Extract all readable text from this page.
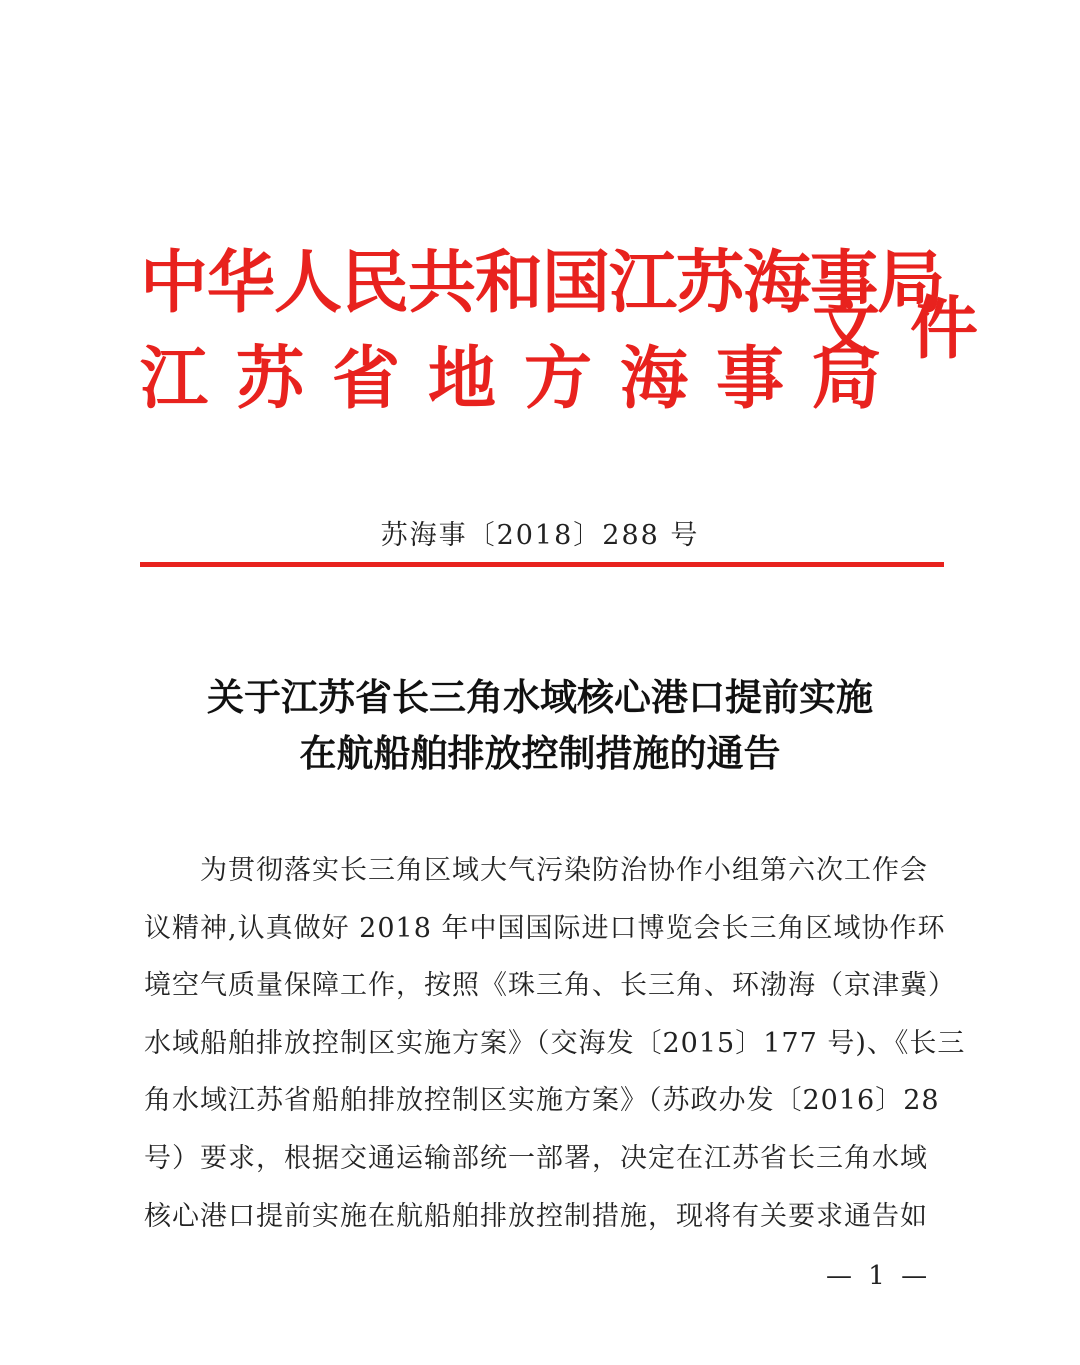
中华人民共和国江苏海事局
江苏省地方海事局
文件
苏海事〔2018〕288 号
关于江苏省长三角水域核心港口提前实施
在航船舶排放控制措施的通告
为贯彻落实长三角区域大气污染防治协作小组第六次工作会
议精神,认真做好 2018 年中国国际进口博览会长三角区域协作环
境空气质量保障工作，按照《珠三角、长三角、环渤海（京津冀）
水域船舶排放控制区实施方案》（交海发〔2015〕177 号)、《长三
角水域江苏省船舶排放控制区实施方案》（苏政办发〔2016〕28
号）要求，根据交通运输部统一部署，决定在江苏省长三角水域
核心港口提前实施在航船舶排放控制措施，现将有关要求通告如
— 1 —
